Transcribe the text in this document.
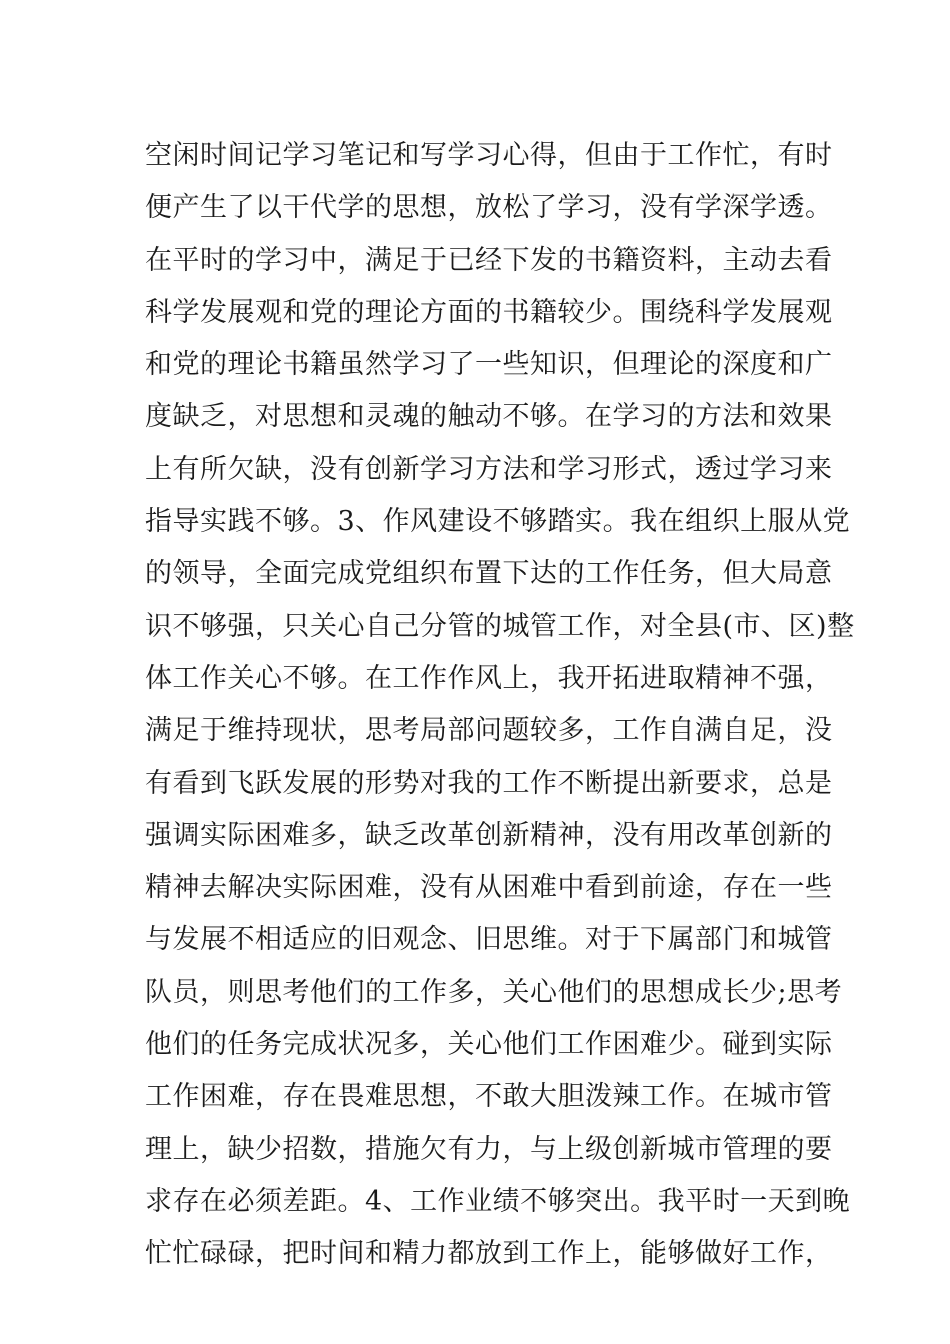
空闲时间记学习笔记和写学习心得，但由于工作忙，有时
便产生了以干代学的思想，放松了学习，没有学深学透。
在平时的学习中，满足于已经下发的书籍资料，主动去看
科学发展观和党的理论方面的书籍较少。围绕科学发展观
和党的理论书籍虽然学习了一些知识，但理论的深度和广
度缺乏，对思想和灵魂的触动不够。在学习的方法和效果
上有所欠缺，没有创新学习方法和学习形式，透过学习来
指导实践不够。3、作风建设不够踏实。我在组织上服从党
的领导，全面完成党组织布置下达的工作任务，但大局意
识不够强，只关心自己分管的城管工作，对全县(市、区)整
体工作关心不够。在工作作风上，我开拓进取精神不强，
满足于维持现状，思考局部问题较多，工作自满自足，没
有看到飞跃发展的形势对我的工作不断提出新要求，总是
强调实际困难多，缺乏改革创新精神，没有用改革创新的
精神去解决实际困难，没有从困难中看到前途，存在一些
与发展不相适应的旧观念、旧思维。对于下属部门和城管
队员，则思考他们的工作多，关心他们的思想成长少;思考
他们的任务完成状况多，关心他们工作困难少。碰到实际
工作困难，存在畏难思想，不敢大胆泼辣工作。在城市管
理上，缺少招数，措施欠有力，与上级创新城市管理的要
求存在必须差距。4、工作业绩不够突出。我平时一天到晚
忙忙碌碌，把时间和精力都放到工作上，能够做好工作，
